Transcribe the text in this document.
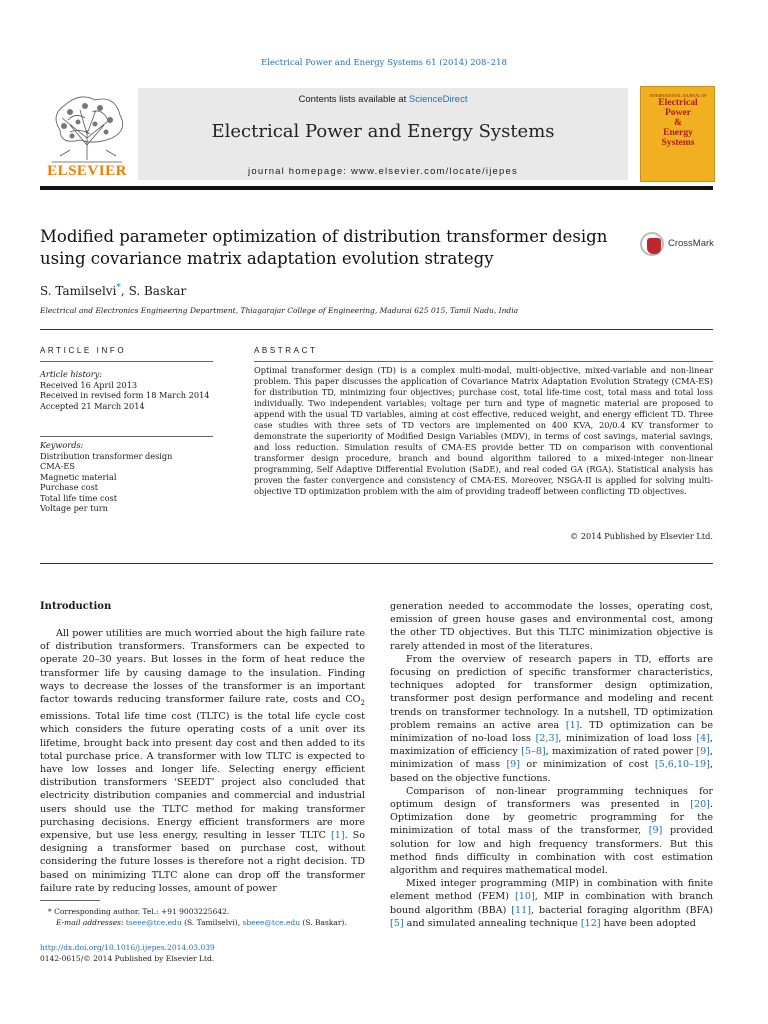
Electrical Power and Energy Systems 61 (2014) 208–218
ELSEVIER
Contents lists available at ScienceDirect
Electrical Power and Energy Systems
journal homepage: www.elsevier.com/locate/ijepes
INTERNATIONAL JOURNAL OF
Electrical
Power
&
Energy
Systems
Modified parameter optimization of distribution transformer design using covariance matrix adaptation evolution strategy
CrossMark
S. Tamilselvi*, S. Baskar
Electrical and Electronics Engineering Department, Thiagarajar College of Engineering, Madurai 625 015, Tamil Nadu, India
ARTICLE INFO
Article history:
Received 16 April 2013
Received in revised form 18 March 2014
Accepted 21 March 2014
Keywords:
Distribution transformer design
CMA-ES
Magnetic material
Purchase cost
Total life time cost
Voltage per turn
ABSTRACT
Optimal transformer design (TD) is a complex multi-modal, multi-objective, mixed-variable and non-linear problem. This paper discusses the application of Covariance Matrix Adaptation Evolution Strategy (CMA-ES) for distribution TD, minimizing four objectives; purchase cost, total life-time cost, total mass and total loss individually. Two independent variables; voltage per turn and type of magnetic material are proposed to append with the usual TD variables, aiming at cost effective, reduced weight, and energy efficient TD. Three case studies with three sets of TD vectors are implemented on 400 KVA, 20/0.4 KV transformer to demonstrate the superiority of Modified Design Variables (MDV), in terms of cost savings, material savings, and loss reduction. Simulation results of CMA-ES provide better TD on comparison with conventional transformer design procedure, branch and bound algorithm tailored to a mixed-integer non-linear programming, Self Adaptive Differential Evolution (SaDE), and real coded GA (RGA). Statistical analysis has proven the faster convergence and consistency of CMA-ES. Moreover, NSGA-II is applied for solving multi-objective TD optimization problem with the aim of providing tradeoff between conflicting TD objectives.
© 2014 Published by Elsevier Ltd.
Introduction

All power utilities are much worried about the high failure rate of distribution transformers. Transformers can be expected to operate 20–30 years. But losses in the form of heat reduce the transformer life by causing damage to the insulation. Finding ways to decrease the losses of the transformer is an important factor towards reducing transformer failure rate, costs and $CO_2$ emissions. Total life time cost (TLTC) is the total life cycle cost which considers the future operating costs of a unit over its lifetime, brought back into present day cost and then added to its total purchase price. A transformer with low TLTC is expected to have low losses and longer life. Selecting energy efficient distribution transformers ‘SEEDT’ project also concluded that electricity distribution companies and commercial and industrial users should use the TLTC method for making transformer purchasing decisions. Energy efficient transformers are more expensive, but use less energy, resulting in lesser TLTC [1]. So designing a transformer based on purchase cost, without considering the future losses is therefore not a right decision. TD based on minimizing TLTC alone can drop off the transformer failure rate by reducing losses, amount of power

generation needed to accommodate the losses, operating cost, emission of green house gases and environmental cost, among the other TD objectives. But this TLTC minimization objective is rarely attended in most of the literatures.

From the overview of research papers in TD, efforts are focusing on prediction of specific transformer characteristics, techniques adopted for transformer design optimization, transformer post design performance and modeling and recent trends on transformer technology. In a nutshell, TD optimization problem remains an active area [1]. TD optimization can be minimization of no-load loss [2,3], minimization of load loss [4], maximization of efficiency [5–8], maximization of rated power [9], minimization of mass [9] or minimization of cost [5,6,10–19], based on the objective functions.

Comparison of non-linear programming techniques for optimum design of transformers was presented in [20]. Optimization done by geometric programming for the minimization of total mass of the transformer, [9] provided solution for low and high frequency transformers. But this method finds difficulty in combination with cost estimation algorithm and requires mathematical model.

Mixed integer programming (MIP) in combination with finite element method (FEM) [10], MIP in combination with branch bound algorithm (BBA) [11], bacterial foraging algorithm (BFA) [5] and simulated annealing technique [12] have been adopted

* Corresponding author. Tel.: +91 9003225642.
E-mail addresses: tseee@tce.edu (S. Tamilselvi), sbeee@tce.edu (S. Baskar).
http://dx.doi.org/10.1016/j.ijepes.2014.03.039
0142-0615/© 2014 Published by Elsevier Ltd.
